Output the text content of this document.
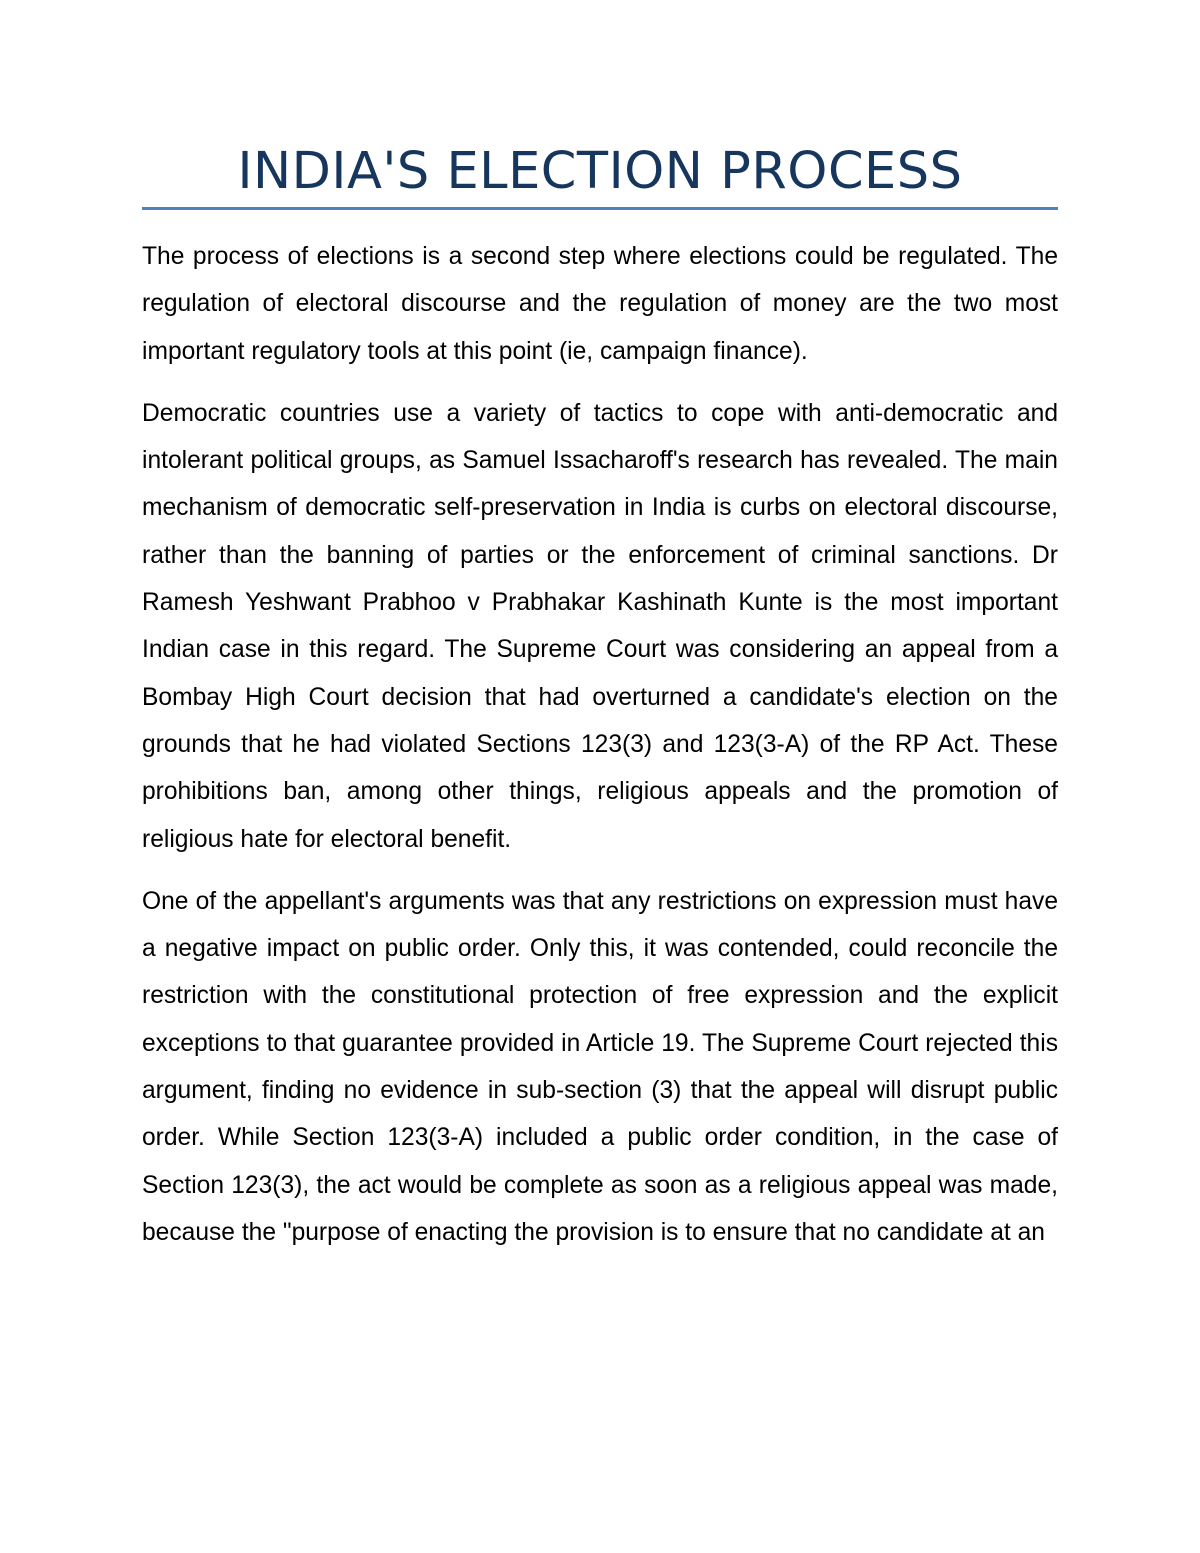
INDIA'S ELECTION PROCESS

The process of elections is a second step where elections could be regulated. The regulation of electoral discourse and the regulation of money are the two most important regulatory tools at this point (ie, campaign finance).

Democratic countries use a variety of tactics to cope with anti-democratic and intolerant political groups, as Samuel Issacharoff's research has revealed. The main mechanism of democratic self-preservation in India is curbs on electoral discourse, rather than the banning of parties or the enforcement of criminal sanctions. Dr Ramesh Yeshwant Prabhoo v Prabhakar Kashinath Kunte is the most important Indian case in this regard. The Supreme Court was considering an appeal from a Bombay High Court decision that had overturned a candidate's election on the grounds that he had violated Sections 123(3) and 123(3-A) of the RP Act. These prohibitions ban, among other things, religious appeals and the promotion of religious hate for electoral benefit.

One of the appellant's arguments was that any restrictions on expression must have a negative impact on public order. Only this, it was contended, could reconcile the restriction with the constitutional protection of free expression and the explicit exceptions to that guarantee provided in Article 19. The Supreme Court rejected this argument, finding no evidence in sub-section (3) that the appeal will disrupt public order. While Section 123(3-A) included a public order condition, in the case of Section 123(3), the act would be complete as soon as a religious appeal was made, because the "purpose of enacting the provision is to ensure that no candidate at an
